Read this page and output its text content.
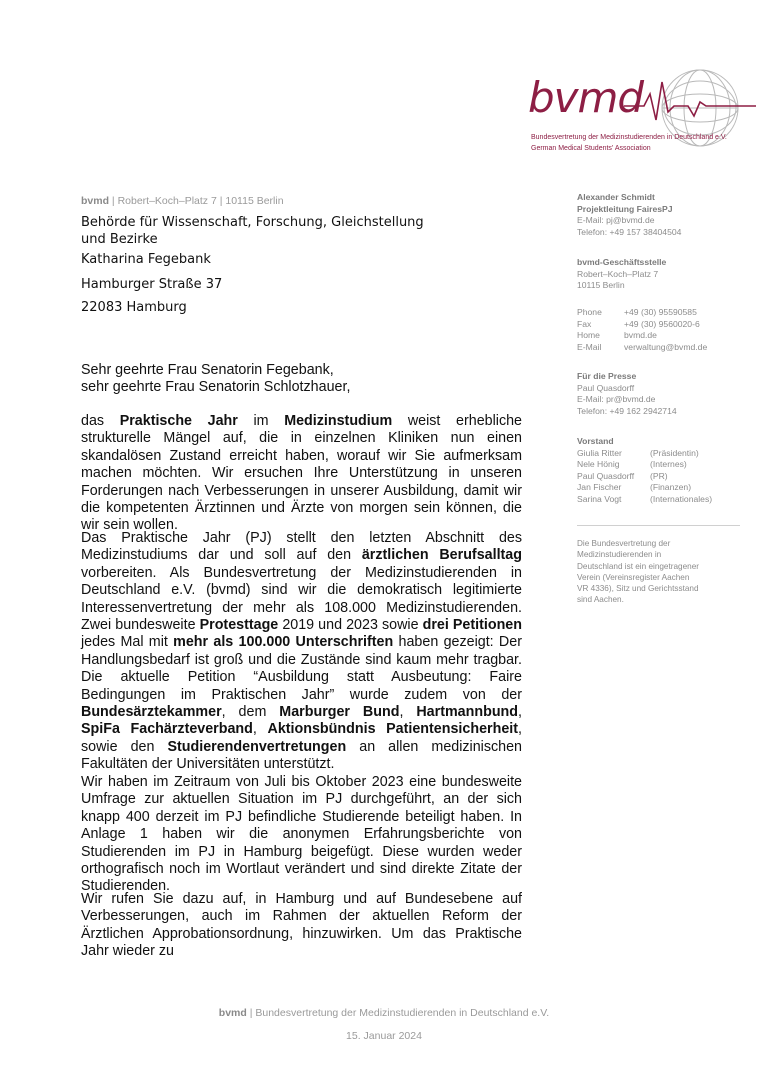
bvmd
Bundesvertretung der Medizinstudierenden in Deutschland e.V.
German Medical Students' Association
bvmd | Robert–Koch–Platz 7 | 10115 Berlin
Behörde für Wissenschaft, Forschung, Gleichstellung
und Bezirke
Katharina Fegebank
Hamburger Straße 37
22083 Hamburg
Sehr geehrte Frau Senatorin Fegebank,
sehr geehrte Frau Senatorin Schlotzhauer,
das Praktische Jahr im Medizinstudium weist erhebliche strukturelle Mängel auf, die in einzelnen Kliniken nun einen skandalösen Zustand erreicht haben, worauf wir Sie aufmerksam machen möchten. Wir ersuchen Ihre Unterstützung in unseren Forderungen nach Verbesserungen in unserer Ausbildung, damit wir die kompetenten Ärztinnen und Ärzte von morgen sein können, die wir sein wollen.
Das Praktische Jahr (PJ) stellt den letzten Abschnitt des Medizinstudiums dar und soll auf den ärztlichen Berufsalltag vorbereiten. Als Bundesvertretung der Medizinstudierenden in Deutschland e.V. (bvmd) sind wir die demokratisch legitimierte Interessenvertretung der mehr als 108.000 Medizinstudierenden. Zwei bundesweite Protesttage 2019 und 2023 sowie drei Petitionen jedes Mal mit mehr als 100.000 Unterschriften haben gezeigt: Der Handlungsbedarf ist groß und die Zustände sind kaum mehr tragbar. Die aktuelle Petition “Ausbildung statt Ausbeutung: Faire Bedingungen im Praktischen Jahr” wurde zudem von der Bundesärztekammer, dem Marburger Bund, Hartmannbund, SpiFa Fachärzteverband, Aktionsbündnis Patientensicherheit, sowie den Studierendenvertretungen an allen medizinischen Fakultäten der Universitäten unterstützt.
Wir haben im Zeitraum von Juli bis Oktober 2023 eine bundesweite Umfrage zur aktuellen Situation im PJ durchgeführt, an der sich knapp 400 derzeit im PJ befindliche Studierende beteiligt haben. In Anlage 1 haben wir die anonymen Erfahrungsberichte von Studierenden im PJ in Hamburg beigefügt. Diese wurden weder orthografisch noch im Wortlaut verändert und sind direkte Zitate der Studierenden.
Wir rufen Sie dazu auf, in Hamburg und auf Bundesebene auf Verbesserungen, auch im Rahmen der aktuellen Reform der Ärztlichen Approbationsordnung, hinzuwirken. Um das Praktische Jahr wieder zu
Alexander Schmidt
Projektleitung FairesPJ
E-Mail: pj@bvmd.de
Telefon: +49 157 38404504
bvmd-Geschäftsstelle
Robert–Koch–Platz 7
10115 Berlin
Phone	+49 (30) 95590585
Fax	+49 (30) 9560020-6
Home	bvmd.de
E-Mail	verwaltung@bvmd.de
Für die Presse
Paul Quasdorff
E-Mail: pr@bvmd.de
Telefon: +49 162 2942714
Vorstand
Giulia Ritter	(Präsidentin)
Nele Hönig	(Internes)
Paul Quasdorff	(PR)
Jan Fischer	(Finanzen)
Sarina Vogt	(Internationales)
Die Bundesvertretung der
Medizinstudierenden in
Deutschland ist ein eingetragener
Verein (Vereinsregister Aachen
VR 4336), Sitz und Gerichtsstand
sind Aachen.
bvmd | Bundesvertretung der Medizinstudierenden in Deutschland e.V.
15. Januar 2024
